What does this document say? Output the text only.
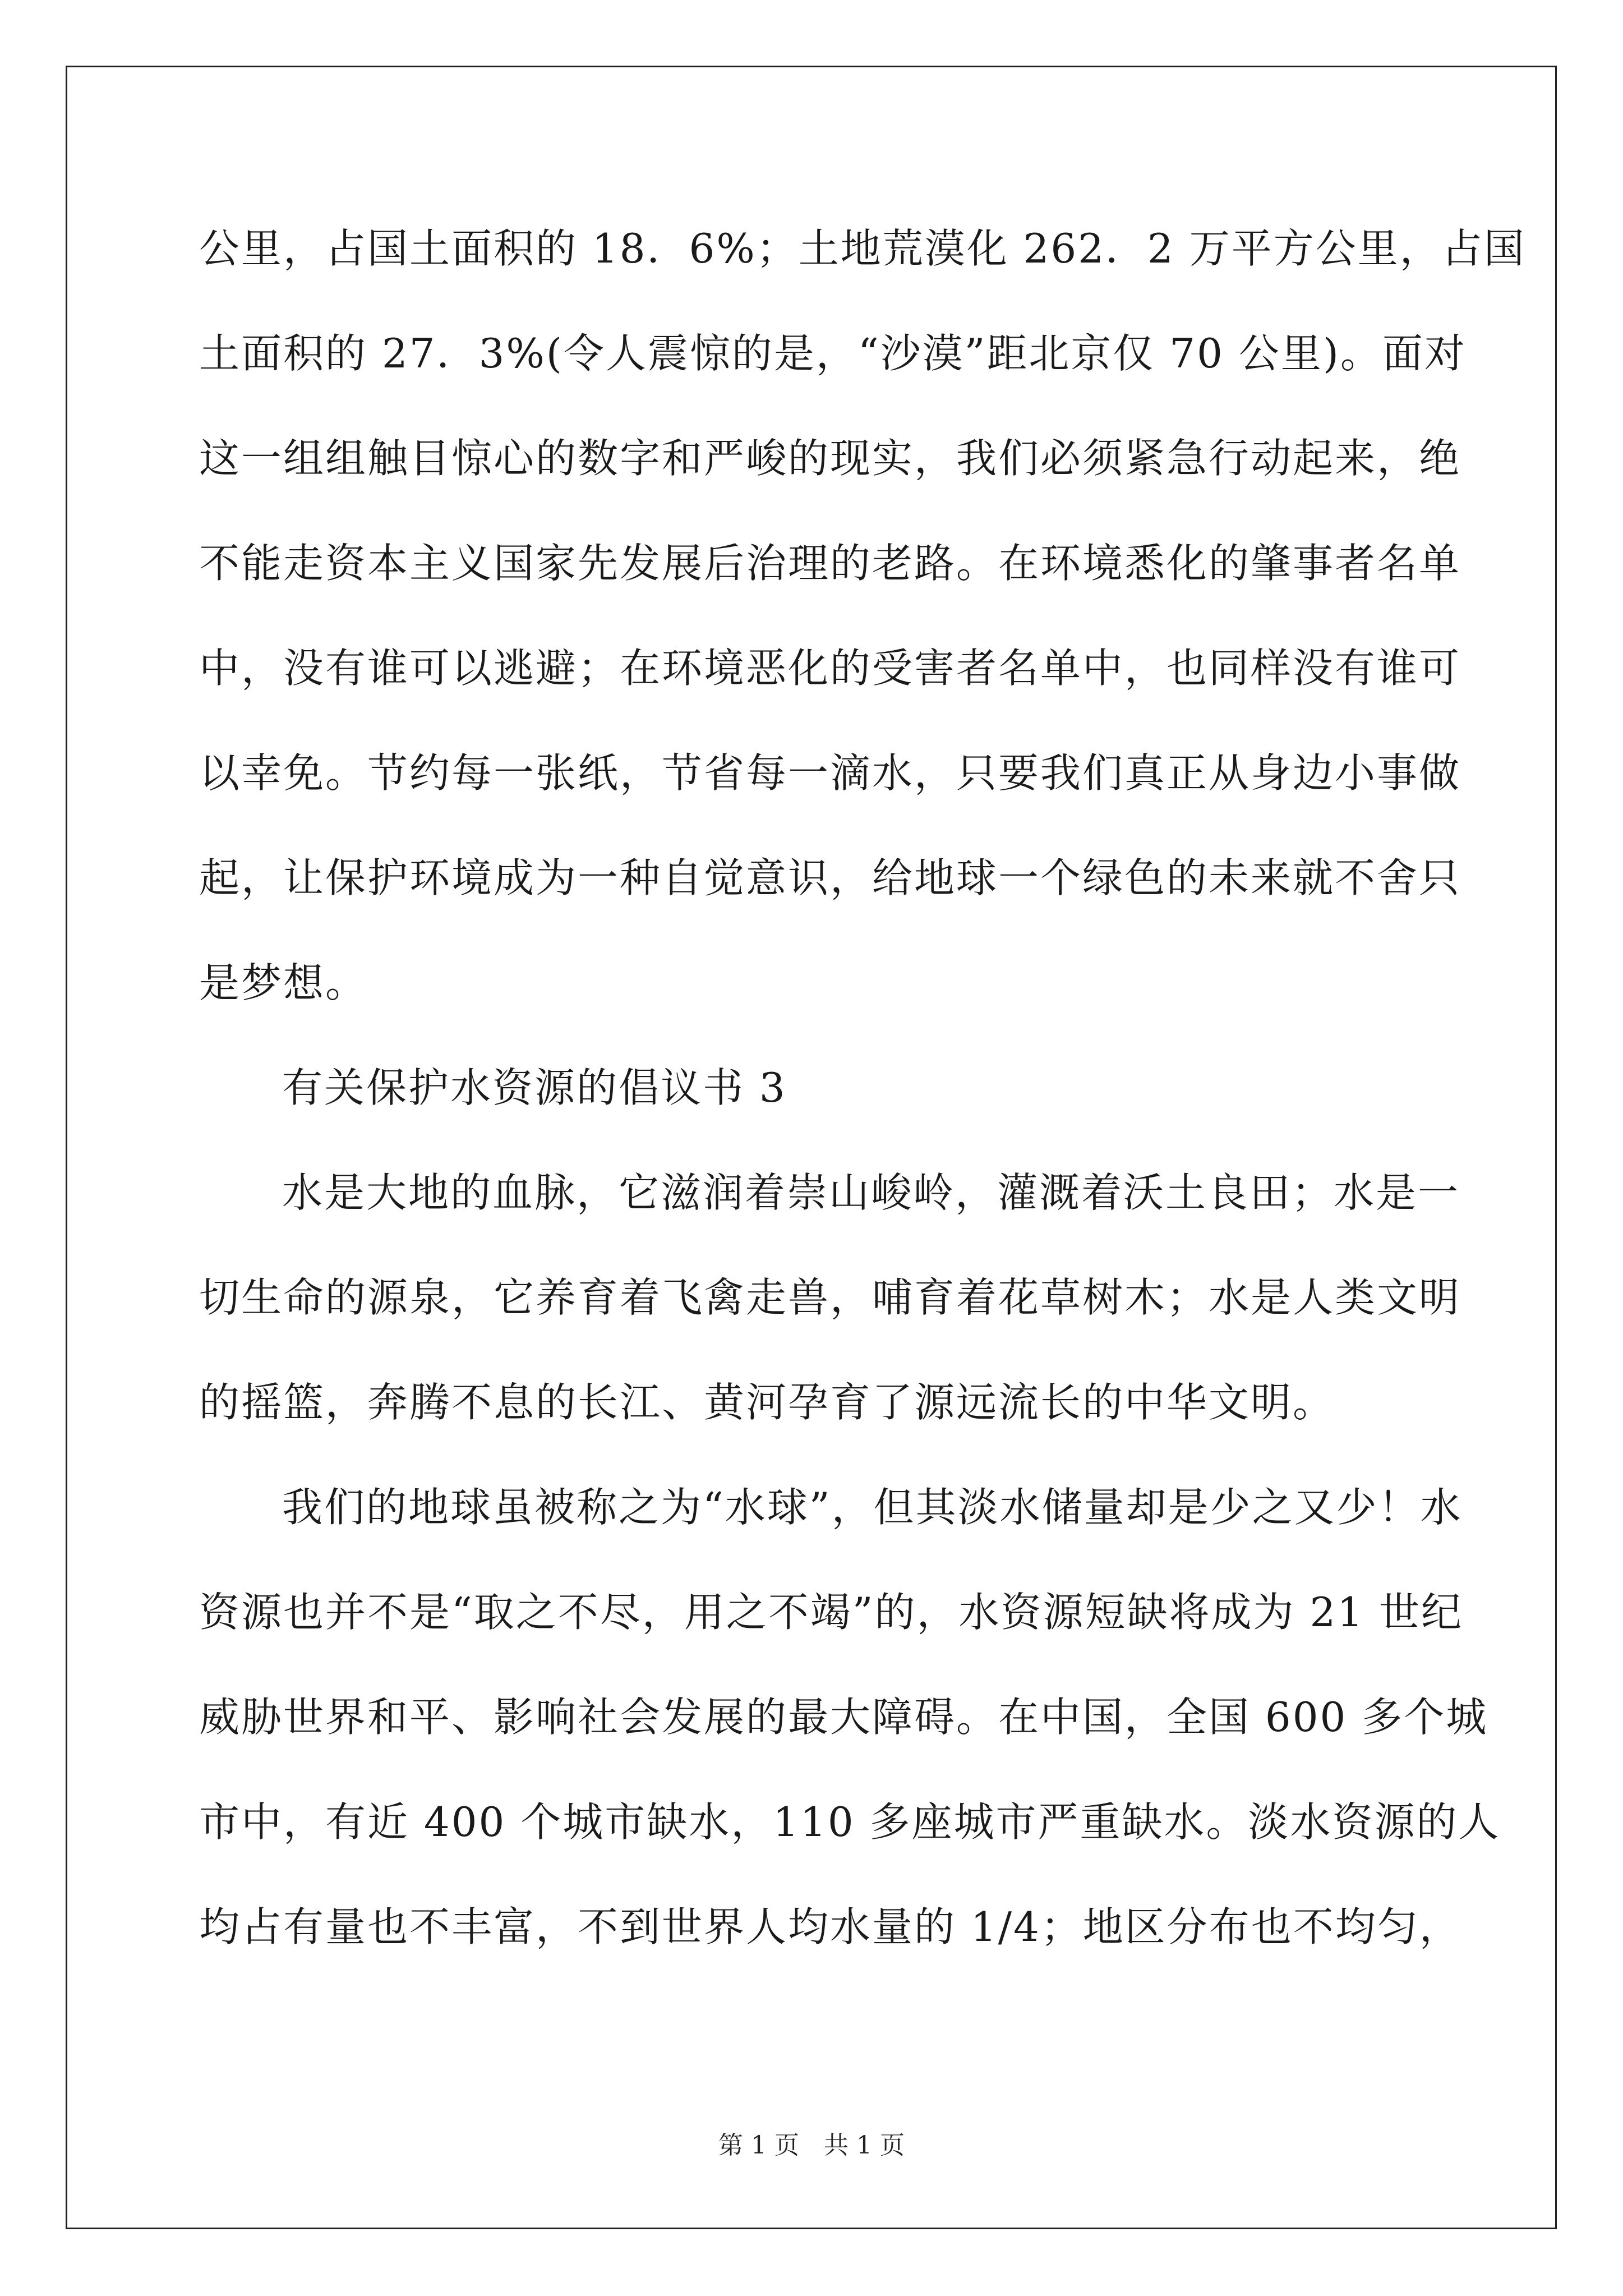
公里，占国土面积的 18．6%；土地荒漠化 262．2 万平方公里，占国
土面积的 27．3%(令人震惊的是，“沙漠”距北京仅 70 公里)。面对
这一组组触目惊心的数字和严峻的现实，我们必须紧急行动起来，绝
不能走资本主义国家先发展后治理的老路。在环境悉化的肇事者名单
中，没有谁可以逃避；在环境恶化的受害者名单中，也同样没有谁可
以幸免。节约每一张纸，节省每一滴水，只要我们真正从身边小事做
起，让保护环境成为一种自觉意识，给地球一个绿色的未来就不舍只
是梦想。
有关保护水资源的倡议书 3
水是大地的血脉，它滋润着崇山峻岭，灌溉着沃土良田；水是一
切生命的源泉，它养育着飞禽走兽，哺育着花草树木；水是人类文明
的摇篮，奔腾不息的长江、黄河孕育了源远流长的中华文明。
我们的地球虽被称之为“水球”，但其淡水储量却是少之又少！水
资源也并不是“取之不尽，用之不竭”的，水资源短缺将成为 21 世纪
威胁世界和平、影响社会发展的最大障碍。在中国，全国 600 多个城
市中，有近 400 个城市缺水，110 多座城市严重缺水。淡水资源的人
均占有量也不丰富，不到世界人均水量的 1/4；地区分布也不均匀，
第 1 页　共 1 页
